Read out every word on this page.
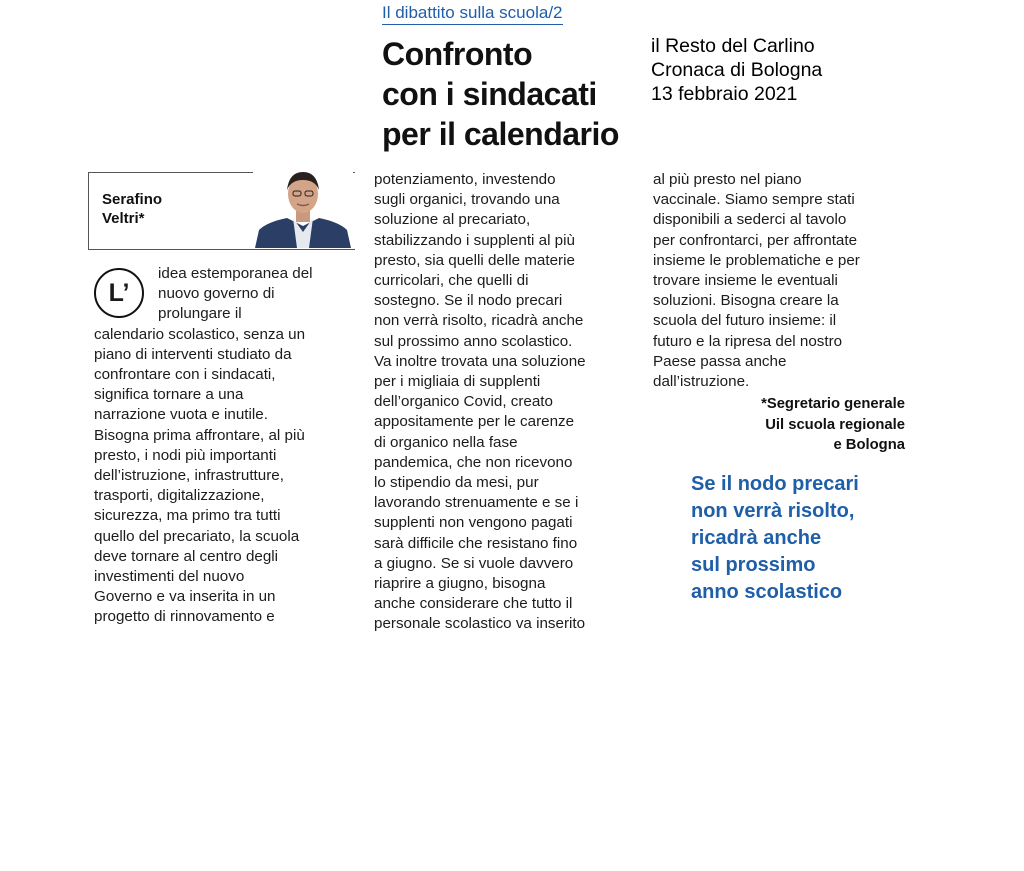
Il dibattito sulla scuola/2
Confronto
con i sindacati
per il calendario
il Resto del Carlino
Cronaca di Bologna
13 febbraio 2021
Serafino
Veltri*
L’
idea estemporanea del
nuovo governo di
prolungare il
calendario scolastico, senza un
piano di interventi studiato da
confrontare con i sindacati,
significa tornare a una
narrazione vuota e inutile.
Bisogna prima affrontare, al più
presto, i nodi più importanti
dell’istruzione, infrastrutture,
trasporti, digitalizzazione,
sicurezza, ma primo tra tutti
quello del precariato, la scuola
deve tornare al centro degli
investimenti del nuovo
Governo e va inserita in un
progetto di rinnovamento e
potenziamento, investendo
sugli organici, trovando una
soluzione al precariato,
stabilizzando i supplenti al più
presto, sia quelli delle materie
curricolari, che quelli di
sostegno. Se il nodo precari
non verrà risolto, ricadrà anche
sul prossimo anno scolastico.
Va inoltre trovata una soluzione
per i migliaia di supplenti
dell’organico Covid, creato
appositamente per le carenze
di organico nella fase
pandemica, che non ricevono
lo stipendio da mesi, pur
lavorando strenuamente e se i
supplenti non vengono pagati
sarà difficile che resistano fino
a giugno. Se si vuole davvero
riaprire a giugno, bisogna
anche considerare che tutto il
personale scolastico va inserito
al più presto nel piano
vaccinale. Siamo sempre stati
disponibili a sederci al tavolo
per confrontarci, per affrontate
insieme le problematiche e per
trovare insieme le eventuali
soluzioni. Bisogna creare la
scuola del futuro insieme: il
futuro e la ripresa del nostro
Paese passa anche
dall’istruzione.
*Segretario generale
Uil scuola regionale
e Bologna
Se il nodo precari
non verrà risolto,
ricadrà anche
sul prossimo
anno scolastico
